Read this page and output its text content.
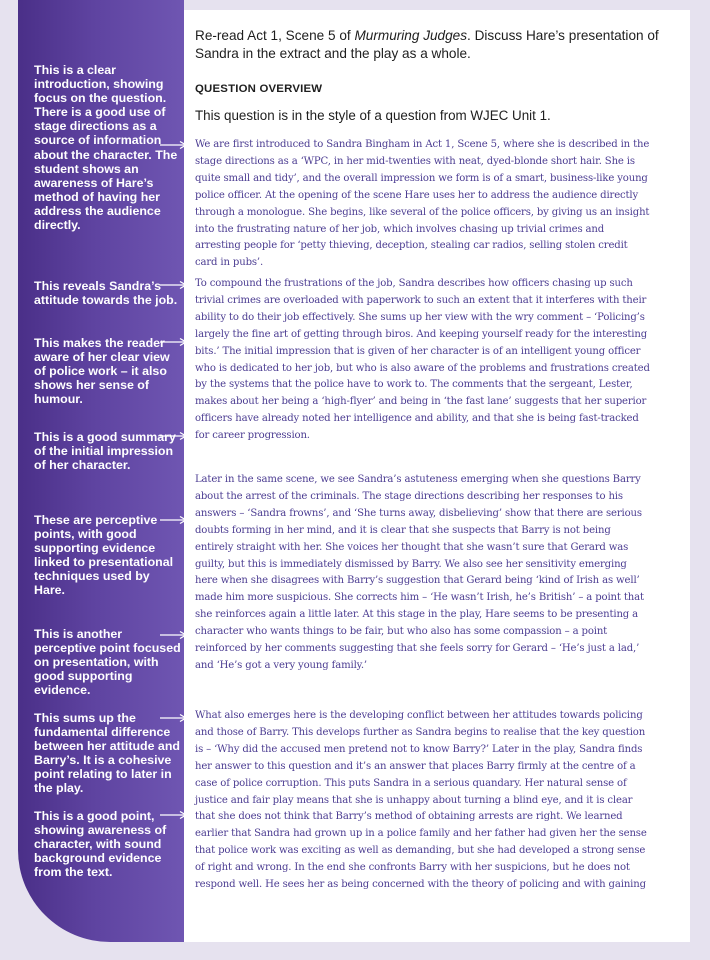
This is a clear introduction, showing focus on the question. There is a good use of stage directions as a source of information about the character. The student shows an awareness of Hare’s method of having her address the audience directly.
This reveals Sandra’s attitude towards the job.
This makes the reader aware of her clear view of police work – it also shows her sense of humour.
This is a good summary of the initial impression of her character.
These are perceptive points, with good supporting evidence linked to presentational techniques used by Hare.
This is another perceptive point focused on presentation, with good supporting evidence.
This sums up the fundamental difference between her attitude and Barry’s. It is a cohesive point relating to later in the play.
This is a good point, showing awareness of character, with sound background evidence from the text.

Re-read Act 1, Scene 5 of Murmuring Judges. Discuss Hare’s presentation of Sandra in the extract and the play as a whole.

QUESTION OVERVIEW

This question is in the style of a question from WJEC Unit 1.

We are first introduced to Sandra Bingham in Act 1, Scene 5, where she is described in the stage directions as a ‘WPC, in her mid-twenties with neat, dyed-blonde short hair. She is quite small and tidy’, and the overall impression we form is of a smart, business-like young police officer. At the opening of the scene Hare uses her to address the audience directly through a monologue. She begins, like several of the police officers, by giving us an insight into the frustrating nature of her job, which involves chasing up trivial crimes and arresting people for ‘petty thieving, deception, stealing car radios, selling stolen credit card in pubs’.

To compound the frustrations of the job, Sandra describes how officers chasing up such trivial crimes are overloaded with paperwork to such an extent that it interferes with their ability to do their job effectively. She sums up her view with the wry comment – ‘Policing’s largely the fine art of getting through biros. And keeping yourself ready for the interesting bits.’ The initial impression that is given of her character is of an intelligent young officer who is dedicated to her job, but who is also aware of the problems and frustrations created by the systems that the police have to work to. The comments that the sergeant, Lester, makes about her being a ‘high-flyer’ and being in ‘the fast lane’ suggests that her superior officers have already noted her intelligence and ability, and that she is being fast-tracked for career progression.

Later in the same scene, we see Sandra’s astuteness emerging when she questions Barry about the arrest of the criminals. The stage directions describing her responses to his answers – ‘Sandra frowns’, and ‘She turns away, disbelieving’ show that there are serious doubts forming in her mind, and it is clear that she suspects that Barry is not being entirely straight with her. She voices her thought that she wasn’t sure that Gerard was guilty, but this is immediately dismissed by Barry. We also see her sensitivity emerging here when she disagrees with Barry’s suggestion that Gerard being ‘kind of Irish as well’ made him more suspicious. She corrects him – ‘He wasn’t Irish, he’s British’ – a point that she reinforces again a little later. At this stage in the play, Hare seems to be presenting a character who wants things to be fair, but who also has some compassion – a point reinforced by her comments suggesting that she feels sorry for Gerard – ‘He’s just a lad,’ and ‘He’s got a very young family.’

What also emerges here is the developing conflict between her attitudes towards policing and those of Barry. This develops further as Sandra begins to realise that the key question is – ‘Why did the accused men pretend not to know Barry?’ Later in the play, Sandra finds her answer to this question and it’s an answer that places Barry firmly at the centre of a case of police corruption. This puts Sandra in a serious quandary. Her natural sense of justice and fair play means that she is unhappy about turning a blind eye, and it is clear that she does not think that Barry’s method of obtaining arrests are right. We learned earlier that Sandra had grown up in a police family and her father had given her the sense that police work was exciting as well as demanding, but she had developed a strong sense of right and wrong. In the end she confronts Barry with her suspicions, but he does not respond well. He sees her as being concerned with the theory of policing and with gaining
